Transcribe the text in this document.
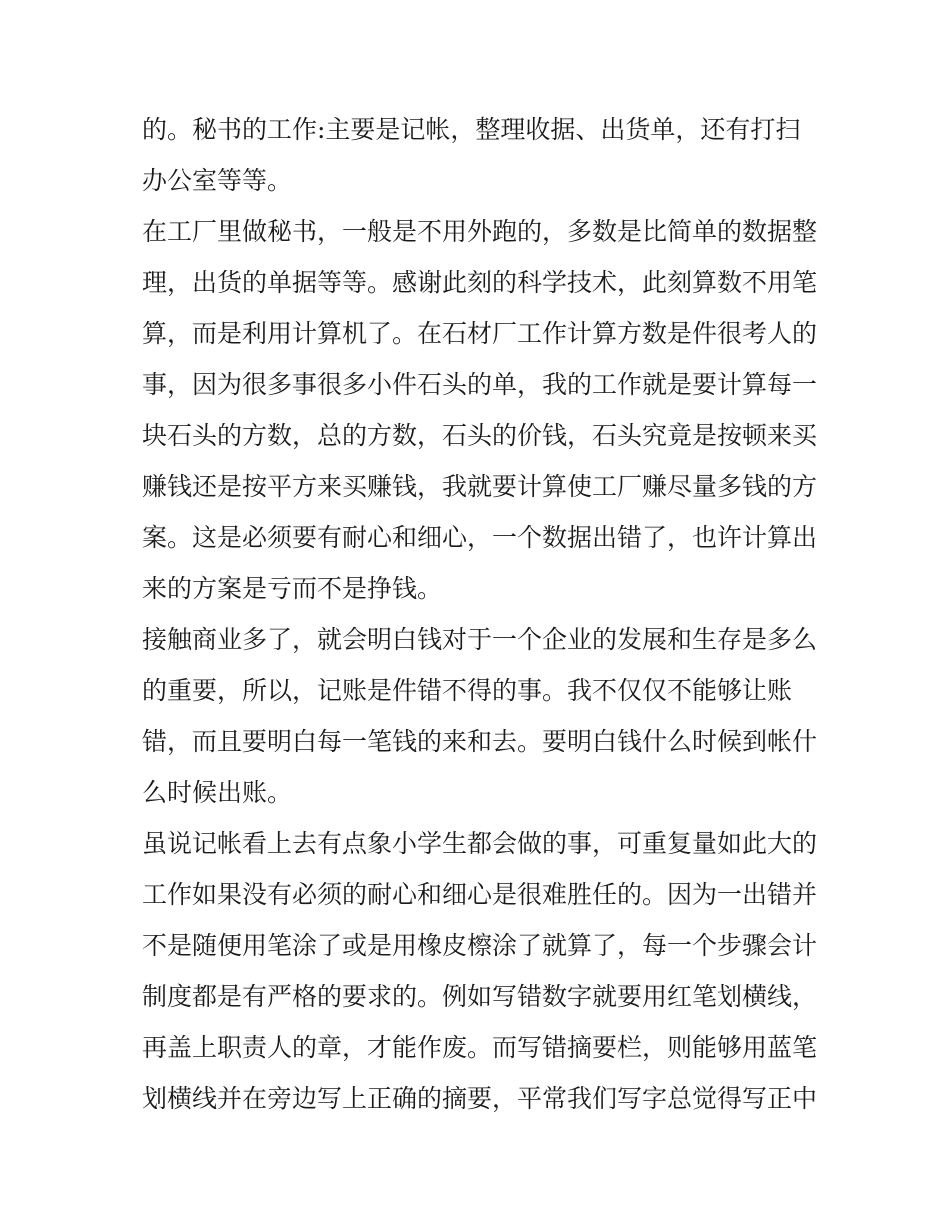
的。秘书的工作:主要是记帐，整理收据、出货单，还有打扫
办公室等等。
在工厂里做秘书，一般是不用外跑的，多数是比简单的数据整
理，出货的单据等等。感谢此刻的科学技术，此刻算数不用笔
算，而是利用计算机了。在石材厂工作计算方数是件很考人的
事，因为很多事很多小件石头的单，我的工作就是要计算每一
块石头的方数，总的方数，石头的价钱，石头究竟是按顿来买
赚钱还是按平方来买赚钱，我就要计算使工厂赚尽量多钱的方
案。这是必须要有耐心和细心，一个数据出错了，也许计算出
来的方案是亏而不是挣钱。
接触商业多了，就会明白钱对于一个企业的发展和生存是多么
的重要，所以，记账是件错不得的事。我不仅仅不能够让账
错，而且要明白每一笔钱的来和去。要明白钱什么时候到帐什
么时候出账。
虽说记帐看上去有点象小学生都会做的事，可重复量如此大的
工作如果没有必须的耐心和细心是很难胜任的。因为一出错并
不是随便用笔涂了或是用橡皮檫涂了就算了，每一个步骤会计
制度都是有严格的要求的。例如写错数字就要用红笔划横线，
再盖上职责人的章，才能作废。而写错摘要栏，则能够用蓝笔
划横线并在旁边写上正确的摘要，平常我们写字总觉得写正中
